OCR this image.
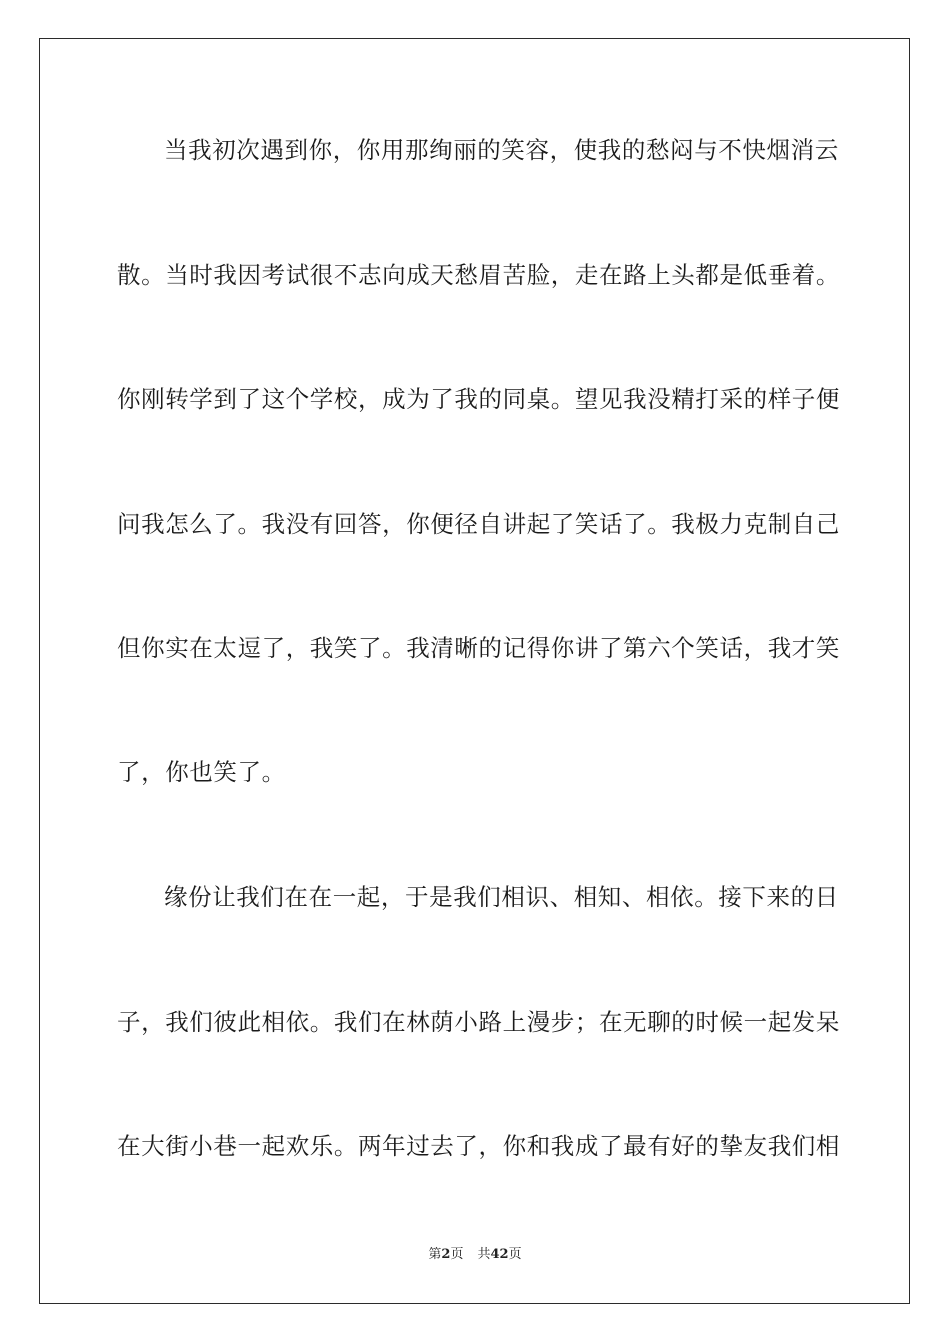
当我初次遇到你，你用那绚丽的笑容，使我的愁闷与不快烟消云
散。当时我因考试很不志向成天愁眉苦脸，走在路上头都是低垂着。
你刚转学到了这个学校，成为了我的同桌。望见我没精打采的样子便
问我怎么了。我没有回答，你便径自讲起了笑话了。我极力克制自己
但你实在太逗了，我笑了。我清晰的记得你讲了第六个笑话，我才笑
了，你也笑了。
缘份让我们在在一起，于是我们相识、相知、相依。接下来的日
子，我们彼此相依。我们在林荫小路上漫步；在无聊的时候一起发呆
在大街小巷一起欢乐。两年过去了，你和我成了最有好的挚友我们相
第2页 共42页
